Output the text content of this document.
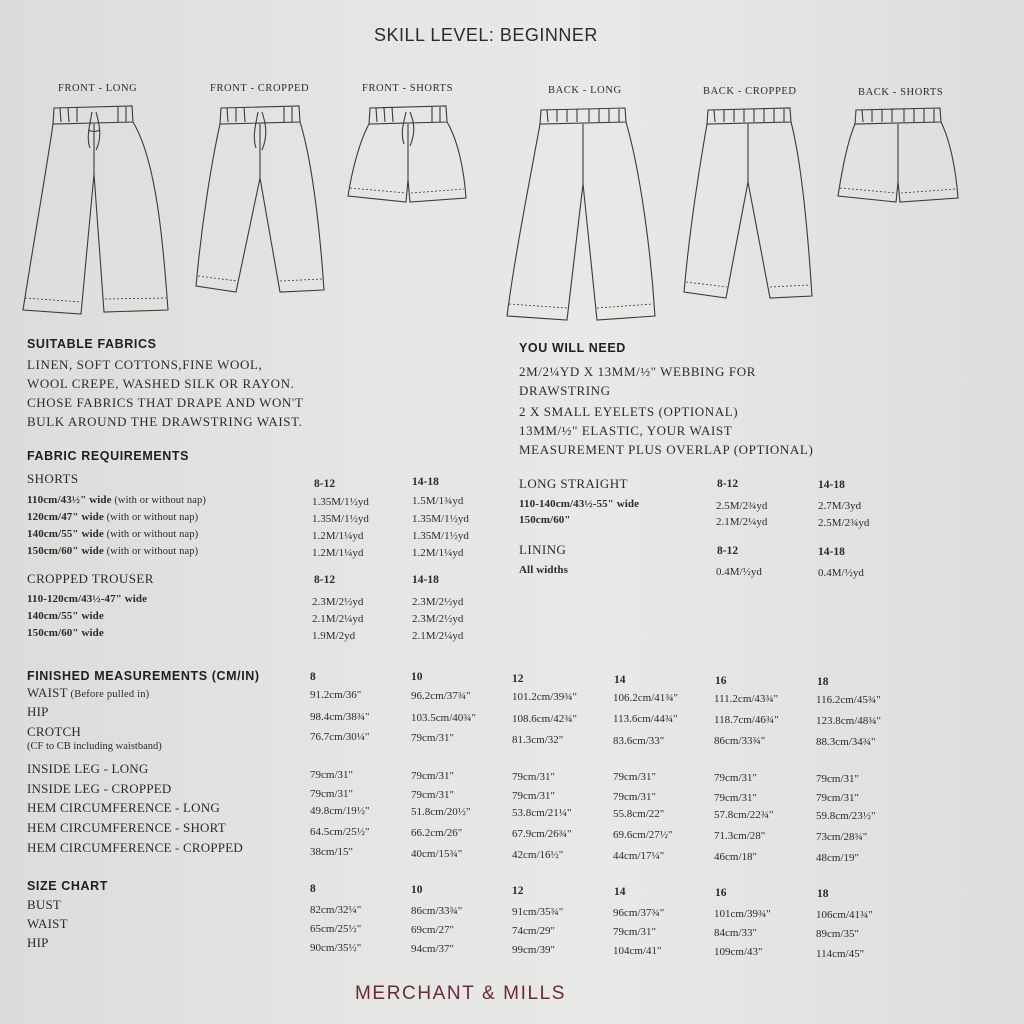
SKILL LEVEL: BEGINNER
FRONT - LONG	FRONT - CROPPED	FRONT - SHORTS	BACK - LONG	BACK - CROPPED	BACK - SHORTS
SUITABLE FABRICS
LINEN, SOFT COTTONS,FINE WOOL,
WOOL CREPE, WASHED SILK OR RAYON.
CHOSE FABRICS THAT DRAPE AND WON'T
BULK AROUND THE DRAWSTRING WAIST.
YOU WILL NEED
2M/2¼YD X 13MM/½" WEBBING FOR
DRAWSTRING
2 X SMALL EYELETS (OPTIONAL)
13MM/½" ELASTIC, YOUR WAIST
MEASUREMENT PLUS OVERLAP (OPTIONAL)
FABRIC REQUIREMENTS
SHORTS	8-12	14-18
110cm/43½" wide (with or without nap)	1.35M/1½yd	1.5M/1¾yd
120cm/47" wide (with or without nap)	1.35M/1½yd	1.35M/1½yd
140cm/55" wide (with or without nap)	1.2M/1¼yd	1.35M/1½yd
150cm/60" wide (with or without nap)	1.2M/1¼yd	1.2M/1¼yd
CROPPED TROUSER	8-12	14-18
110-120cm/43½-47" wide	2.3M/2½yd	2.3M/2½yd
140cm/55" wide	2.1M/2¼yd	2.3M/2½yd
150cm/60" wide	1.9M/2yd	2.1M/2¼yd
LONG STRAIGHT	8-12	14-18
110-140cm/43½-55" wide	2.5M/2¾yd	2.7M/3yd
150cm/60"	2.1M/2¼yd	2.5M/2¾yd
LINING	8-12	14-18
All widths	0.4M/½yd	0.4M/½yd
FINISHED MEASUREMENTS (CM/IN)	8	10	12	14	16	18
WAIST (Before pulled in)	91.2cm/36"	96.2cm/37¾"	101.2cm/39¾"	106.2cm/41¾"	111.2cm/43¾"	116.2cm/45¾"
HIP	98.4cm/38¾"	103.5cm/40¾"	108.6cm/42¾"	113.6cm/44¾"	118.7cm/46¾"	123.8cm/48¾"
CROTCH
(CF to CB including waistband)
76.7cm/30¼"	79cm/31"	81.3cm/32"	83.6cm/33"	86cm/33¾"	88.3cm/34¾"
INSIDE LEG - LONG	79cm/31"	79cm/31"	79cm/31"	79cm/31"	79cm/31"	79cm/31"
INSIDE LEG - CROPPED	79cm/31"	79cm/31"	79cm/31"	79cm/31"	79cm/31"	79cm/31"
HEM CIRCUMFERENCE - LONG	49.8cm/19½"	51.8cm/20½"	53.8cm/21¼"	55.8cm/22"	57.8cm/22¾"	59.8cm/23½"
HEM CIRCUMFERENCE - SHORT	64.5cm/25½"	66.2cm/26"	67.9cm/26¾"	69.6cm/27½"	71.3cm/28"	73cm/28¾"
HEM CIRCUMFERENCE - CROPPED	38cm/15"	40cm/15¾"	42cm/16½"	44cm/17¼"	46cm/18"	48cm/19"
SIZE CHART	8	10	12	14	16	18
BUST	82cm/32¼"	86cm/33¾"	91cm/35¾"	96cm/37¾"	101cm/39¾"	106cm/41¾"
WAIST	65cm/25½"	69cm/27"	74cm/29"	79cm/31"	84cm/33"	89cm/35"
HIP	90cm/35½"	94cm/37"	99cm/39"	104cm/41"	109cm/43"	114cm/45"
MERCHANT & MILLS
